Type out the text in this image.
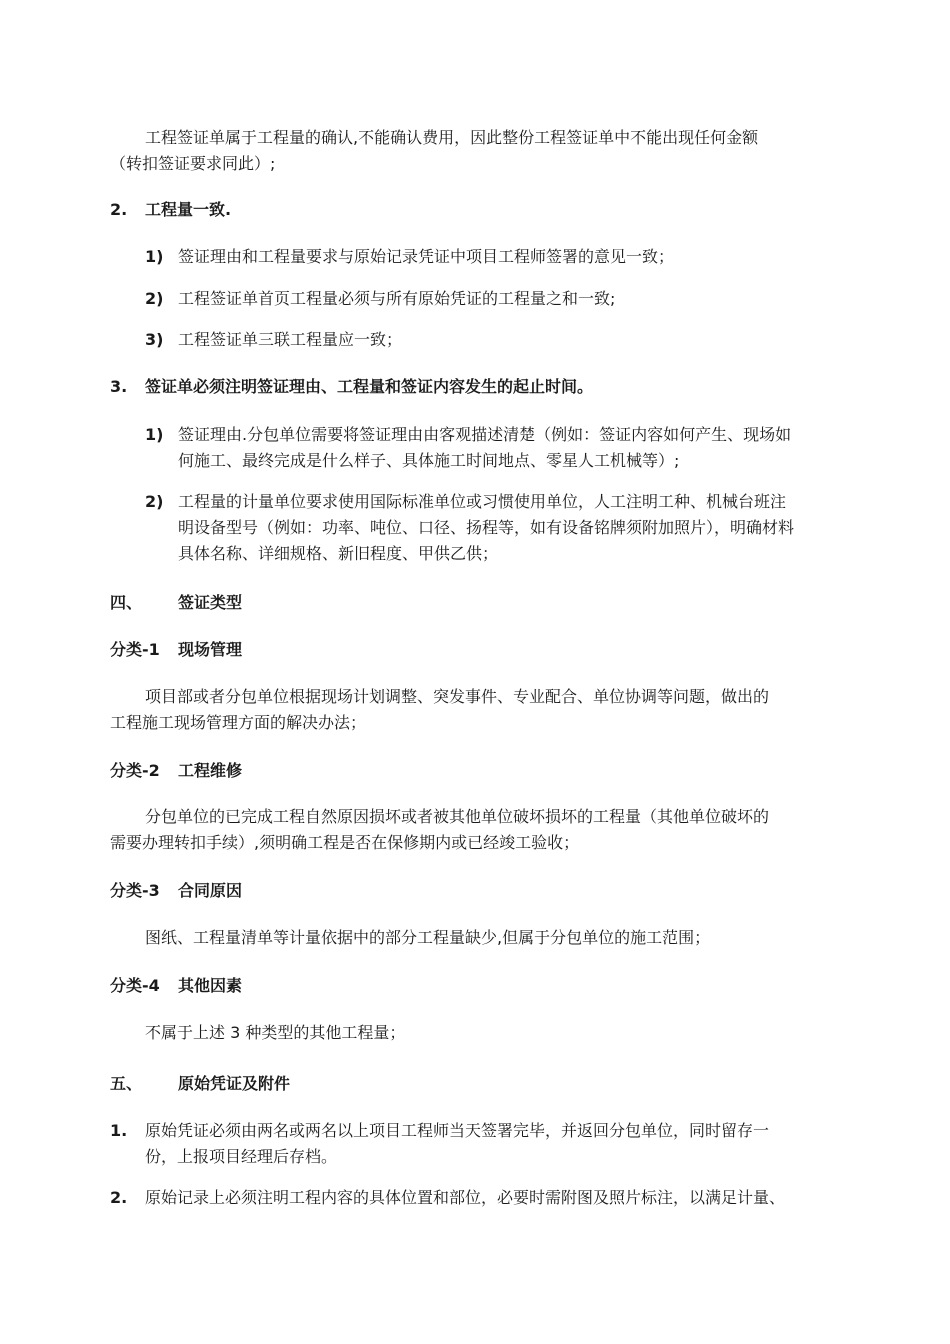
工程签证单属于工程量的确认,不能确认费用，因此整份工程签证单中不能出现任何金额
（转扣签证要求同此）;
2. 工程量一致.
1) 签证理由和工程量要求与原始记录凭证中项目工程师签署的意见一致；
2) 工程签证单首页工程量必须与所有原始凭证的工程量之和一致;
3) 工程签证单三联工程量应一致；
3. 签证单必须注明签证理由、工程量和签证内容发生的起止时间。
1) 签证理由.分包单位需要将签证理由由客观描述清楚（例如：签证内容如何产生、现场如
何施工、最终完成是什么样子、具体施工时间地点、零星人工机械等）;
2) 工程量的计量单位要求使用国际标准单位或习惯使用单位，人工注明工种、机械台班注
明设备型号（例如：功率、吨位、口径、扬程等，如有设备铭牌须附加照片），明确材料
具体名称、详细规格、新旧程度、甲供乙供；
四、 签证类型
分类-1 现场管理
项目部或者分包单位根据现场计划调整、突发事件、专业配合、单位协调等问题，做出的
工程施工现场管理方面的解决办法；
分类-2 工程维修
分包单位的已完成工程自然原因损坏或者被其他单位破坏损坏的工程量（其他单位破坏的
需要办理转扣手续）,须明确工程是否在保修期内或已经竣工验收；
分类-3 合同原因
图纸、工程量清单等计量依据中的部分工程量缺少,但属于分包单位的施工范围；
分类-4 其他因素
不属于上述 3 种类型的其他工程量；
五、 原始凭证及附件
1. 原始凭证必须由两名或两名以上项目工程师当天签署完毕，并返回分包单位，同时留存一
份，上报项目经理后存档。
2. 原始记录上必须注明工程内容的具体位置和部位，必要时需附图及照片标注，以满足计量、
